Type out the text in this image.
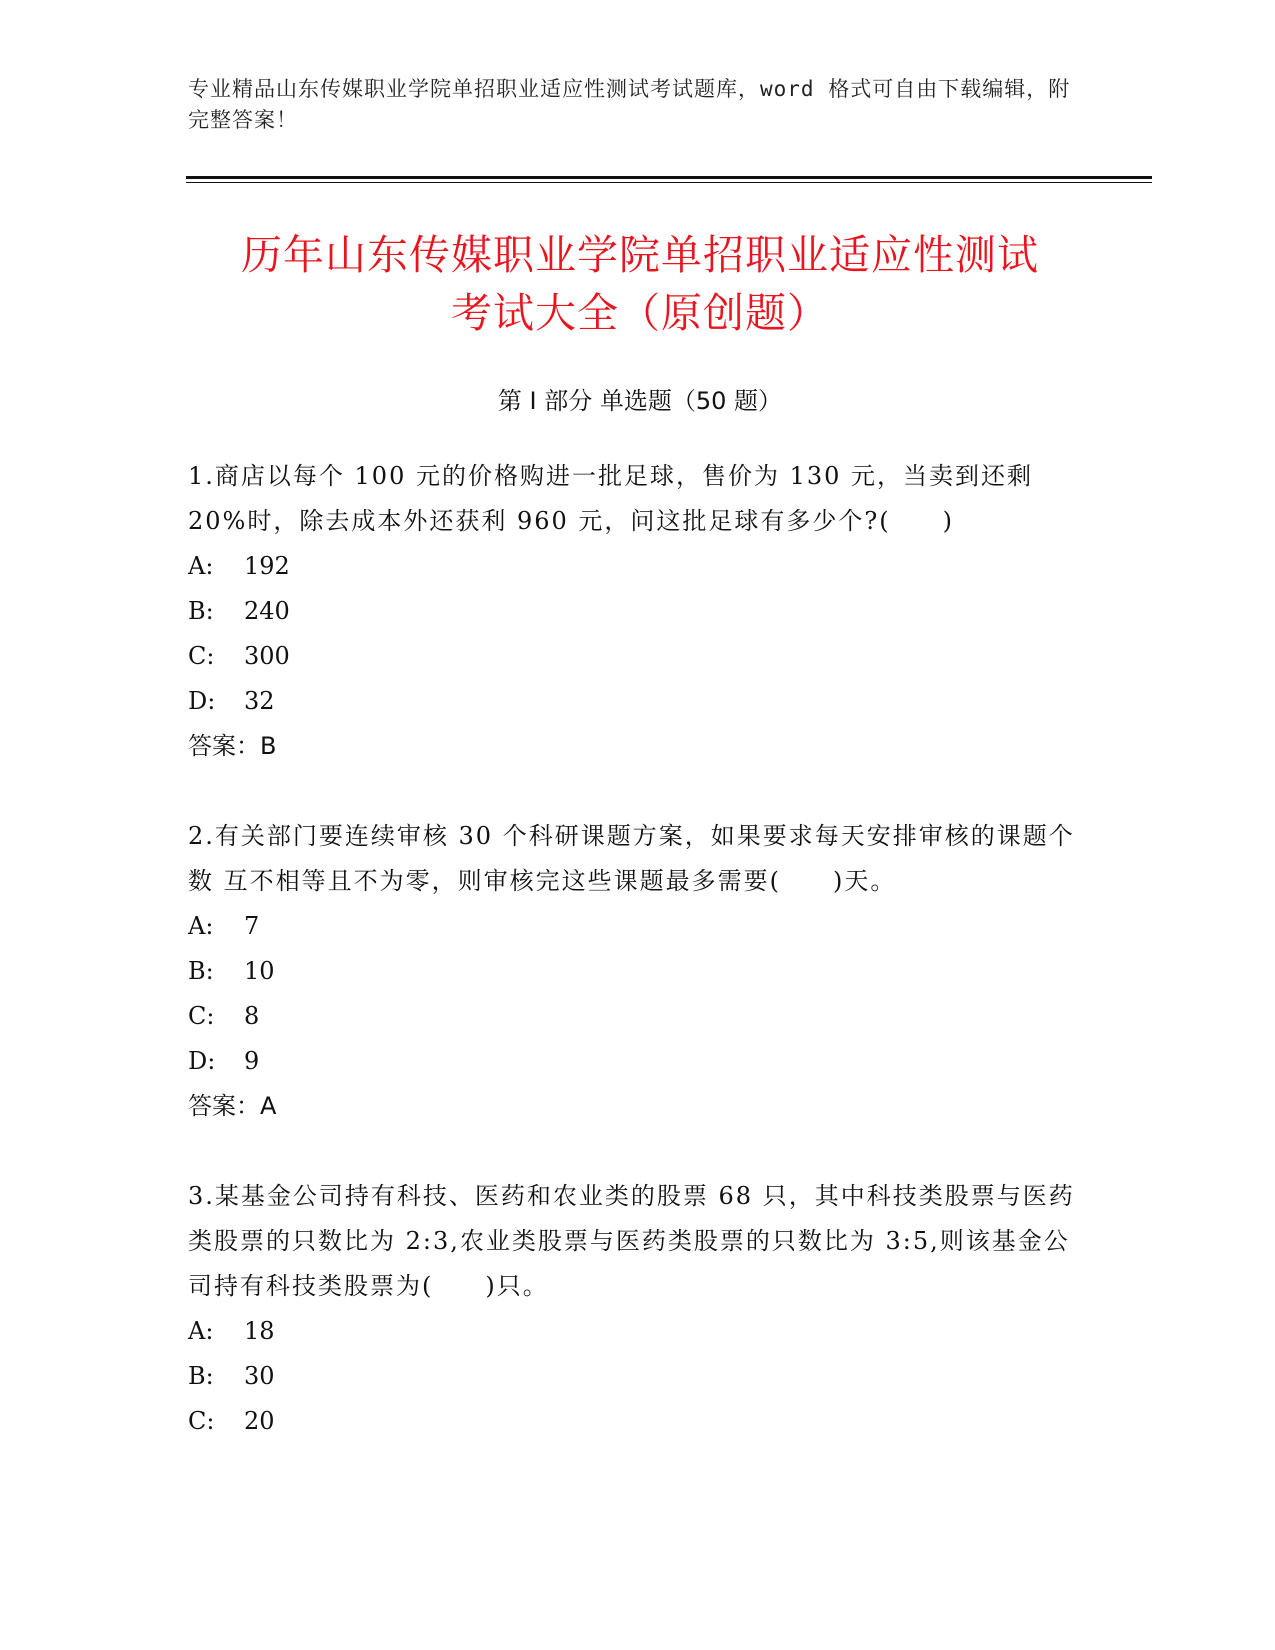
专业精品山东传媒职业学院单招职业适应性测试考试题库，word 格式可自由下载编辑，附完整答案！
历年山东传媒职业学院单招职业适应性测试
考试大全（原创题）
第 I 部分 单选题（50 题）
1.商店以每个 100 元的价格购进一批足球，售价为 130 元，当卖到还剩 20%时，除去成本外还获利 960 元，问这批足球有多少个?(　　)
A:	192
B:	240
C:	300
D:	32
答案：B
2.有关部门要连续审核 30 个科研课题方案，如果要求每天安排审核的课题个数 互不相等且不为零，则审核完这些课题最多需要(　　)天。
A:	7
B:	10
C:	8
D:	9
答案：A
3.某基金公司持有科技、医药和农业类的股票 68 只，其中科技类股票与医药 类股票的只数比为 2:3,农业类股票与医药类股票的只数比为 3:5,则该基金公司持有科技类股票为(　　)只。
A:	18
B:	30
C:	20
